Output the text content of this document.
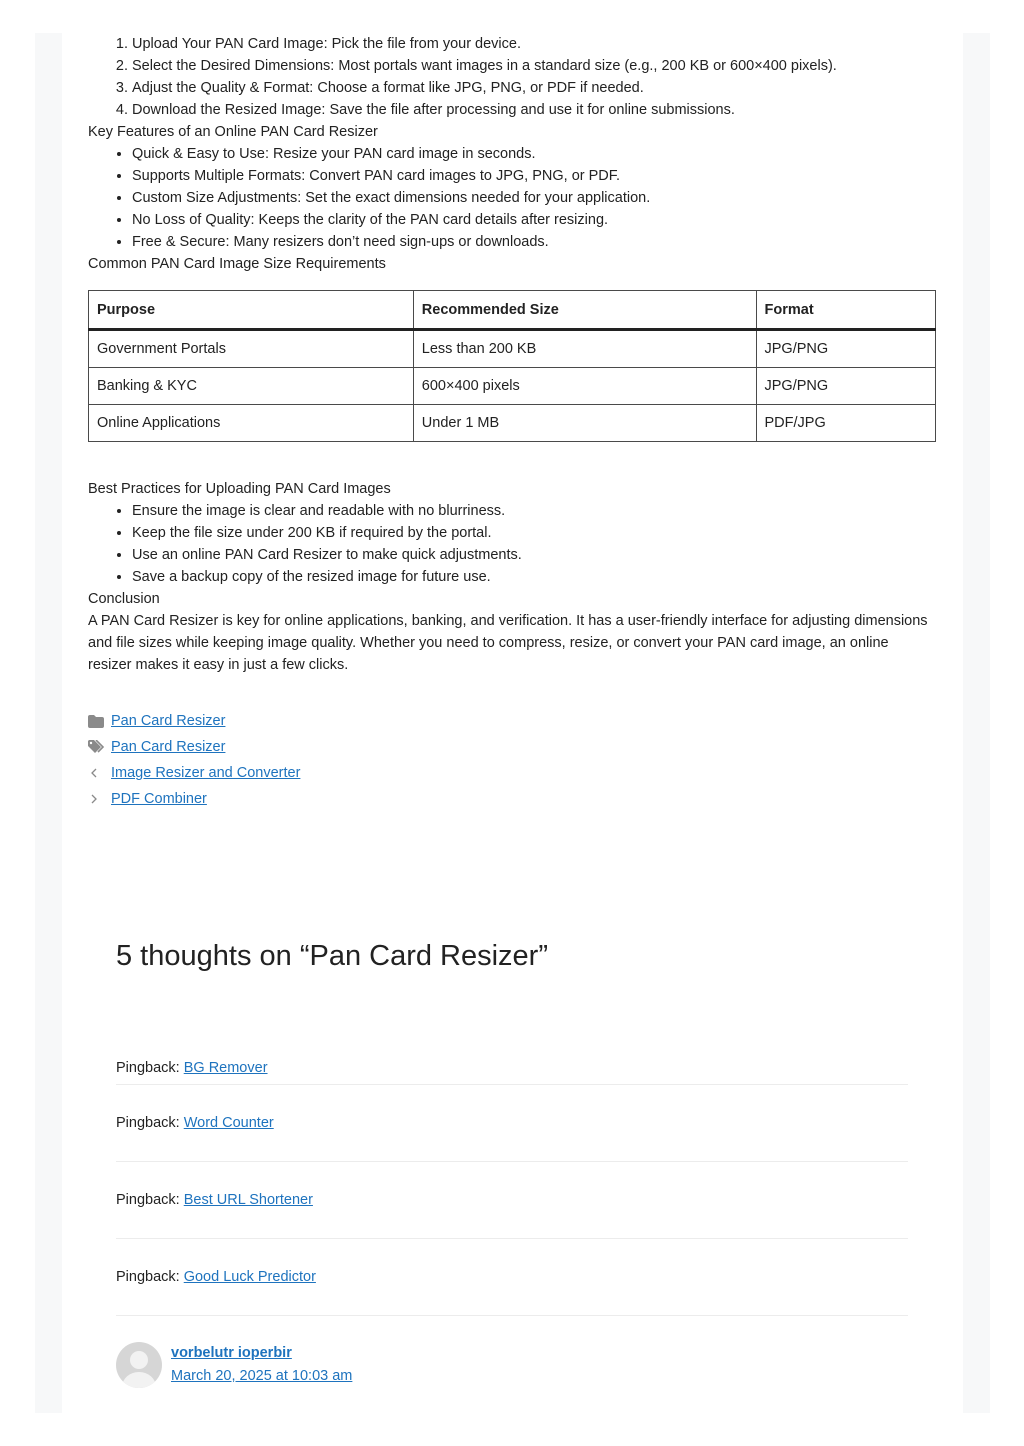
1. Upload Your PAN Card Image: Pick the file from your device.
2. Select the Desired Dimensions: Most portals want images in a standard size (e.g., 200 KB or 600×400 pixels).
3. Adjust the Quality & Format: Choose a format like JPG, PNG, or PDF if needed.
4. Download the Resized Image: Save the file after processing and use it for online submissions.

Key Features of an Online PAN Card Resizer

• Quick & Easy to Use: Resize your PAN card image in seconds.
• Supports Multiple Formats: Convert PAN card images to JPG, PNG, or PDF.
• Custom Size Adjustments: Set the exact dimensions needed for your application.
• No Loss of Quality: Keeps the clarity of the PAN card details after resizing.
• Free & Secure: Many resizers don’t need sign-ups or downloads.

Common PAN Card Image Size Requirements

Purpose	Recommended Size	Format
Government Portals	Less than 200 KB	JPG/PNG
Banking & KYC	600×400 pixels	JPG/PNG
Online Applications	Under 1 MB	PDF/JPG

Best Practices for Uploading PAN Card Images

• Ensure the image is clear and readable with no blurriness.
• Keep the file size under 200 KB if required by the portal.
• Use an online PAN Card Resizer to make quick adjustments.
• Save a backup copy of the resized image for future use.

Conclusion

A PAN Card Resizer is key for online applications, banking, and verification. It has a user-friendly interface for adjusting dimensions and file sizes while keeping image quality. Whether you need to compress, resize, or convert your PAN card image, an online resizer makes it easy in just a few clicks.

Pan Card Resizer
Pan Card Resizer
Image Resizer and Converter
PDF Combiner
5 thoughts on “Pan Card Resizer”
Pingback:
BG Remover
Pingback:
Word Counter
Pingback:
Best URL Shortener
Pingback:
Good Luck Predictor
vorbelutr ioperbir
March 20, 2025 at 10:03 am
